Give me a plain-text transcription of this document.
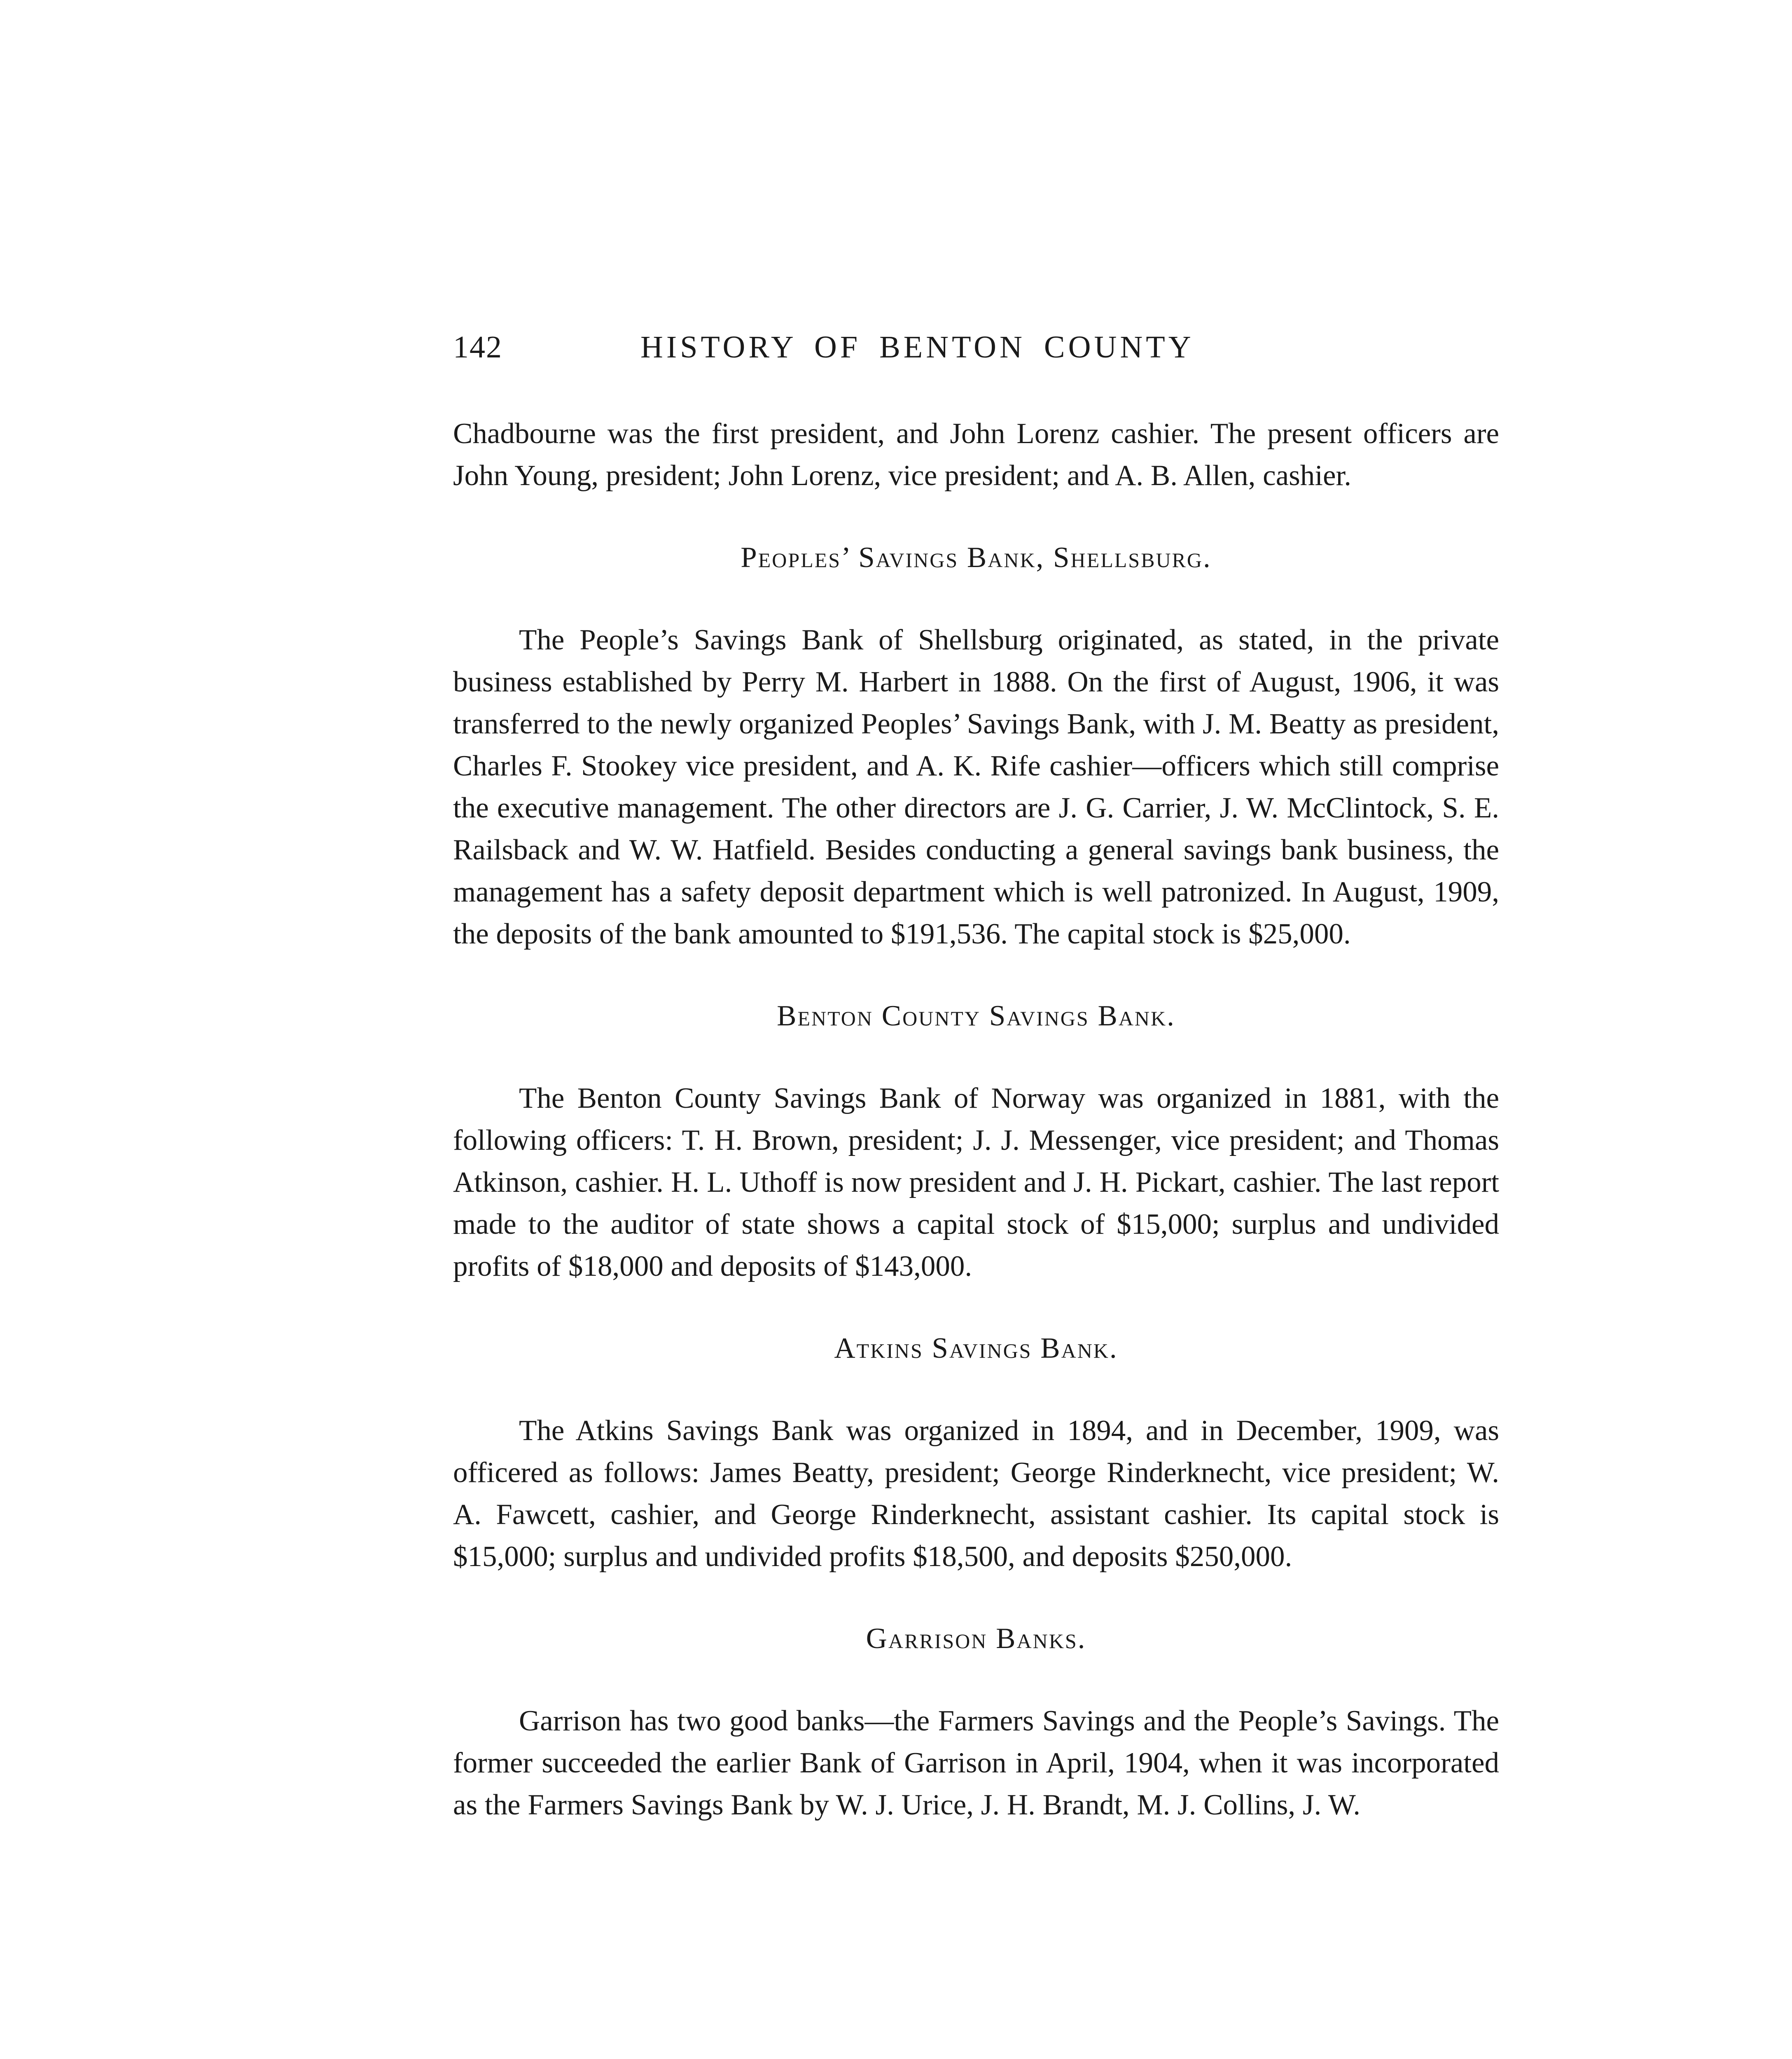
142	HISTORY OF BENTON COUNTY

Chadbourne was the first president, and John Lorenz cashier. The present officers are John Young, president; John Lorenz, vice president; and A. B. Allen, cashier.

Peoples’ Savings Bank, Shellsburg.

The People’s Savings Bank of Shellsburg originated, as stated, in the private business established by Perry M. Harbert in 1888. On the first of August, 1906, it was transferred to the newly organized Peoples’ Savings Bank, with J. M. Beatty as president, Charles F. Stookey vice president, and A. K. Rife cashier—officers which still comprise the executive management. The other directors are J. G. Carrier, J. W. McClintock, S. E. Railsback and W. W. Hatfield. Besides conducting a general savings bank business, the management has a safety deposit department which is well patronized. In August, 1909, the deposits of the bank amounted to $191,536. The capital stock is $25,000.

Benton County Savings Bank.

The Benton County Savings Bank of Norway was organized in 1881, with the following officers: T. H. Brown, president; J. J. Messenger, vice president; and Thomas Atkinson, cashier. H. L. Uthoff is now president and J. H. Pickart, cashier. The last report made to the auditor of state shows a capital stock of $15,000; surplus and undivided profits of $18,000 and deposits of $143,000.

Atkins Savings Bank.

The Atkins Savings Bank was organized in 1894, and in December, 1909, was officered as follows: James Beatty, president; George Rinderknecht, vice president; W. A. Fawcett, cashier, and George Rinderknecht, assistant cashier. Its capital stock is $15,000; surplus and undivided profits $18,500, and deposits $250,000.

Garrison Banks.

Garrison has two good banks—the Farmers Savings and the People’s Savings. The former succeeded the earlier Bank of Garrison in April, 1904, when it was incorporated as the Farmers Savings Bank by W. J. Urice, J. H. Brandt, M. J. Collins, J. W.
